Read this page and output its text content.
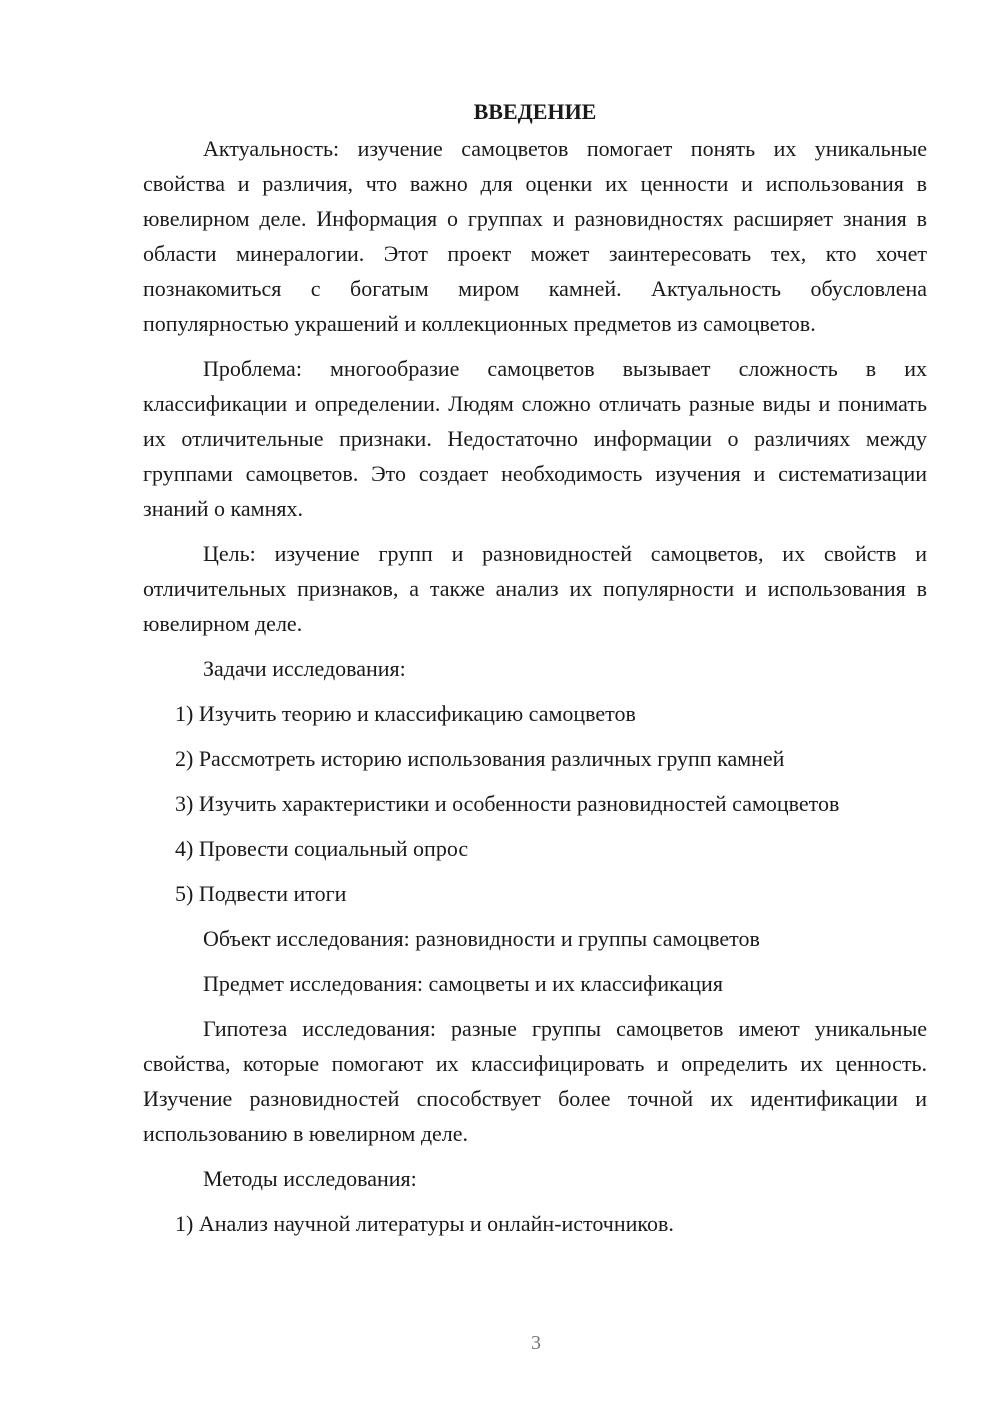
ВВЕДЕНИЕ

Актуальность: изучение самоцветов помогает понять их уникальные свойства и различия, что важно для оценки их ценности и использования в ювелирном деле. Информация о группах и разновидностях расширяет знания в области минералогии. Этот проект может заинтересовать тех, кто хочет познакомиться с богатым миром камней. Актуальность обусловлена популярностью украшений и коллекционных предметов из самоцветов.

Проблема: многообразие самоцветов вызывает сложность в их классификации и определении. Людям сложно отличать разные виды и понимать их отличительные признаки. Недостаточно информации о различиях между группами самоцветов. Это создает необходимость изучения и систематизации знаний о камнях.

Цель: изучение групп и разновидностей самоцветов, их свойств и отличительных признаков, а также анализ их популярности и использования в ювелирном деле.

Задачи исследования:
1) Изучить теорию и классификацию самоцветов
2) Рассмотреть историю использования различных групп камней
3) Изучить характеристики и особенности разновидностей самоцветов
4) Провести социальный опрос
5) Подвести итоги
Объект исследования: разновидности и группы самоцветов
Предмет исследования: самоцветы и их классификация

Гипотеза исследования: разные группы самоцветов имеют уникальные свойства, которые помогают их классифицировать и определить их ценность. Изучение разновидностей способствует более точной их идентификации и использованию в ювелирном деле.

Методы исследования:
1) Анализ научной литературы и онлайн-источников.
3
